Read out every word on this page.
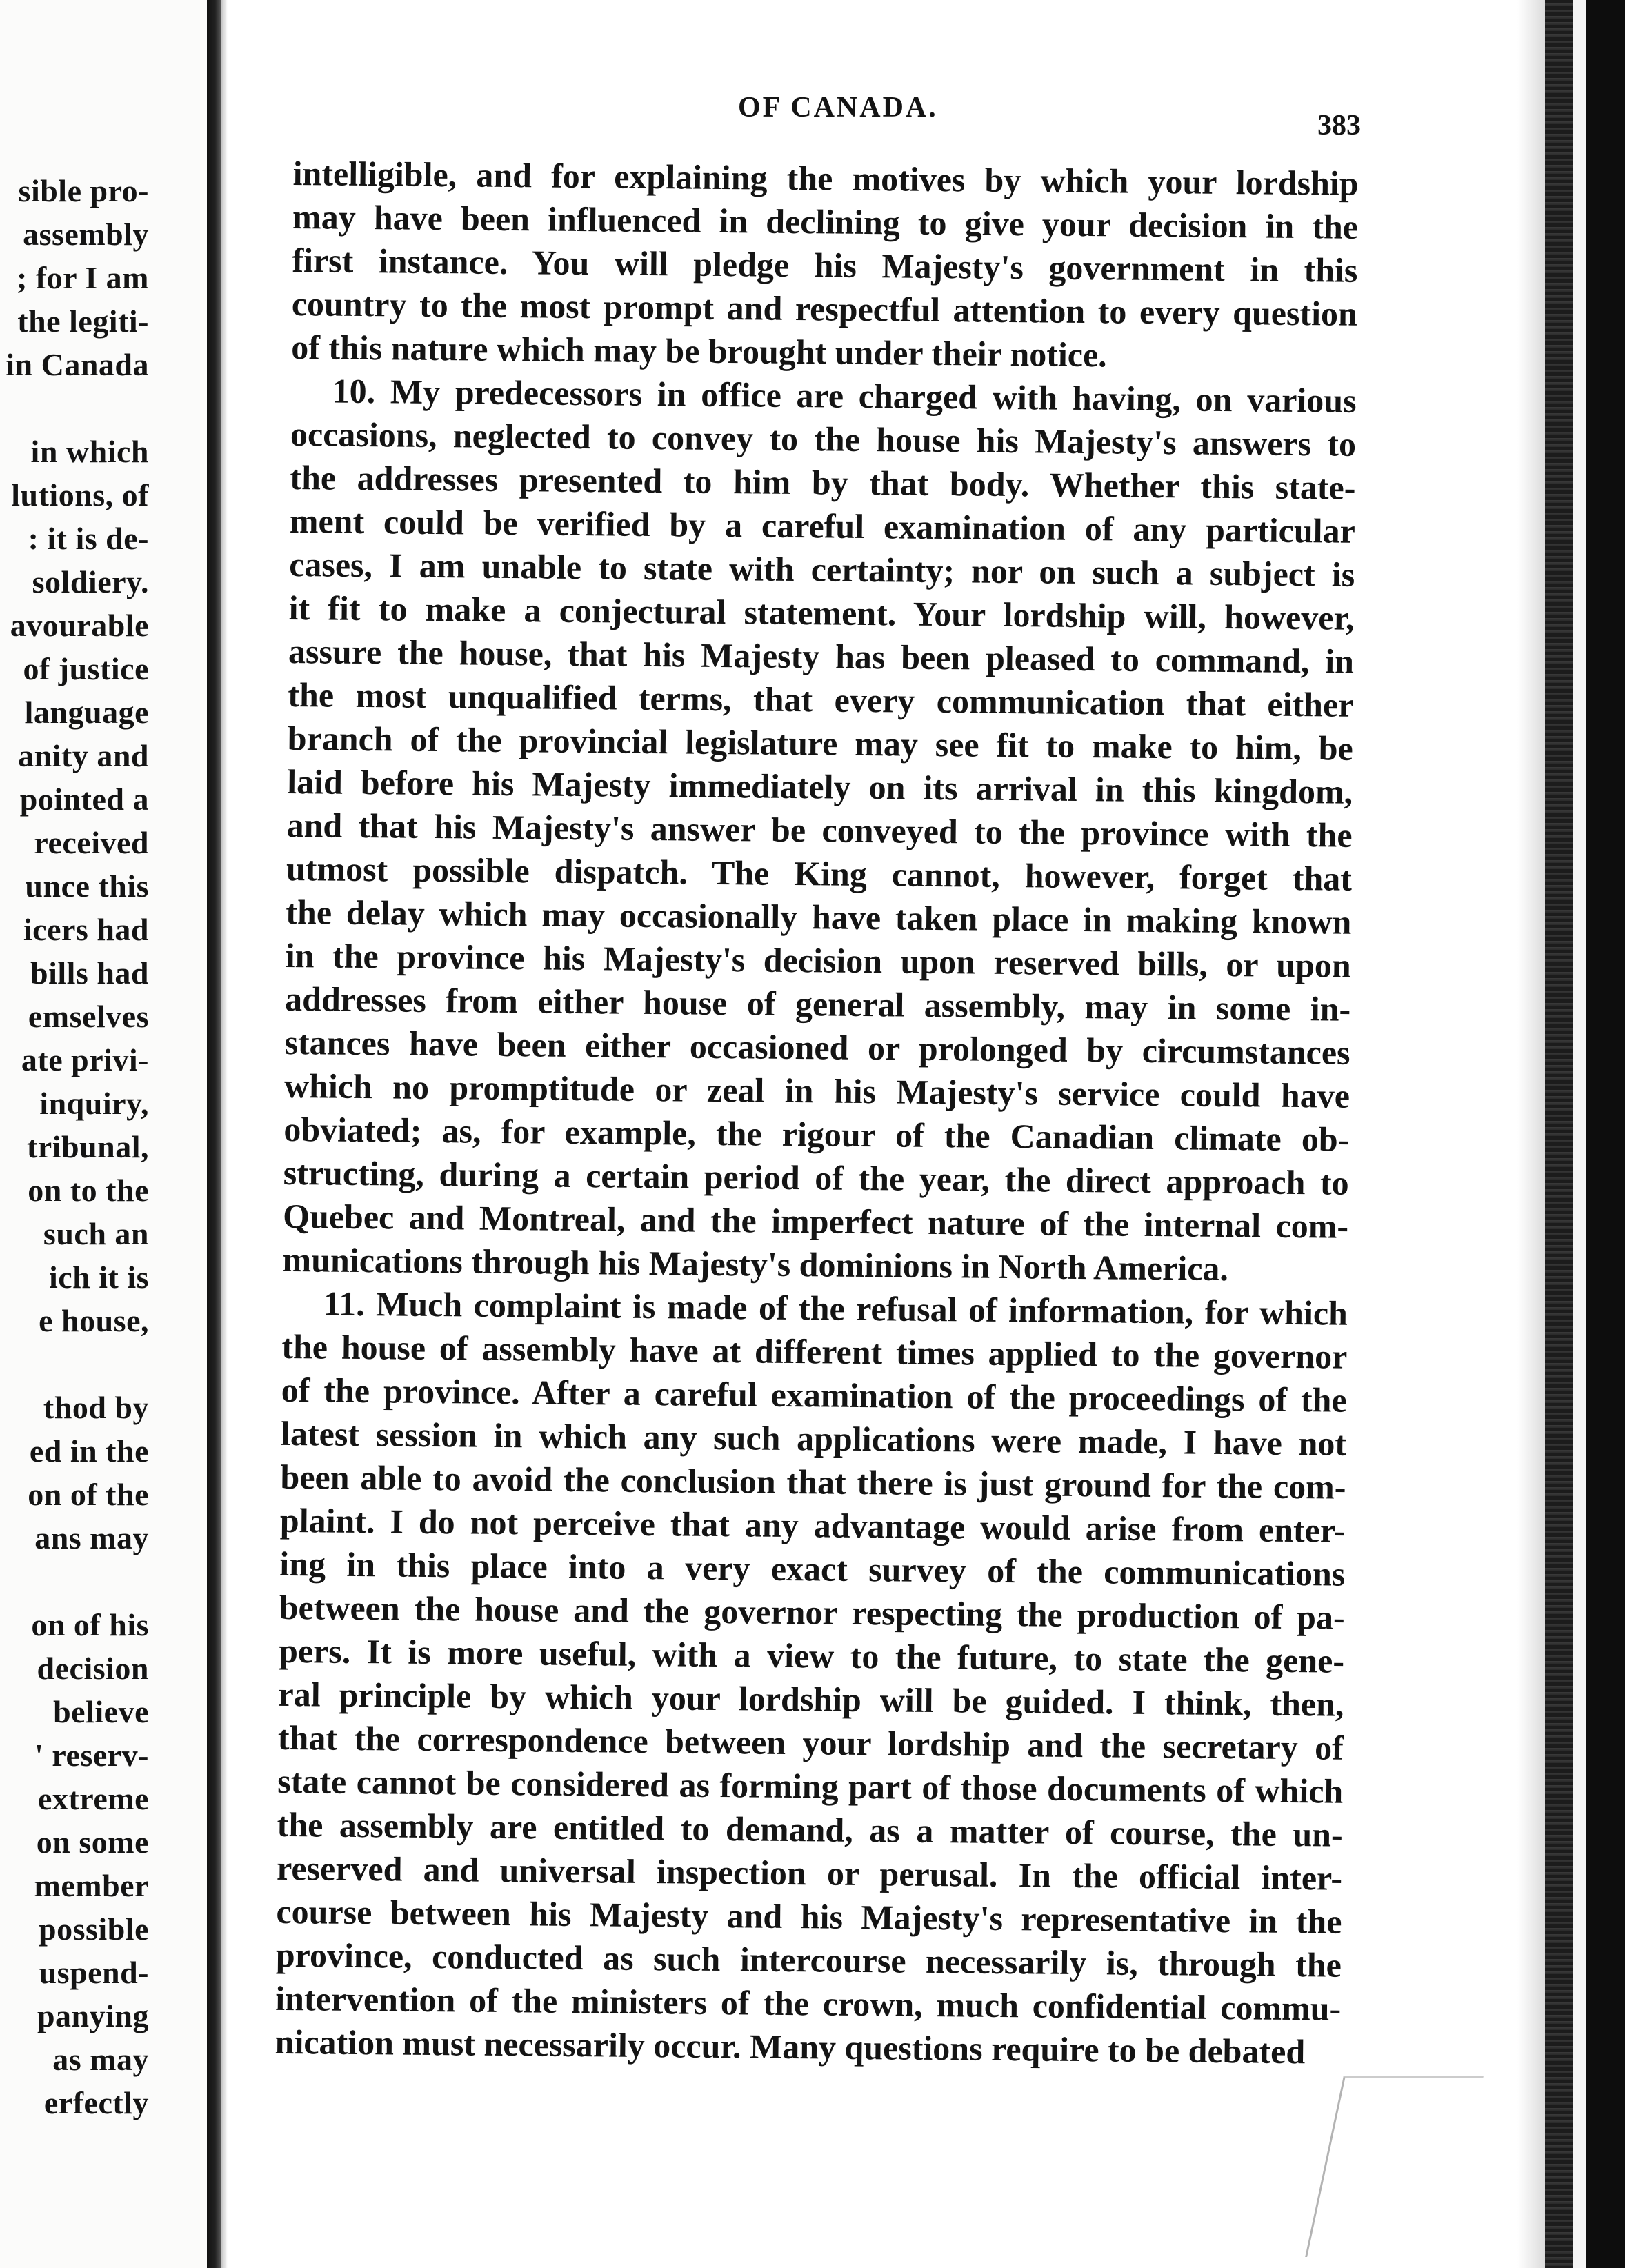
sible pro-
assembly
; for I am
the legiti-
in Canada

in which
lutions, of
: it is de-
soldiery.
avourable
of justice
language
anity and
pointed a
received
unce this
icers had
bills had
emselves
ate privi-
inquiry,
tribunal,
on to the
such an
ich it is
e house,

thod by
ed in the
on of the
ans may

on of his
decision
believe
' reserv-
extreme
on some
member
possible
uspend-
panying
as may
erfectly
OF CANADA.
383
intelligible, and for explaining the motives by which your lordship
may have been influenced in declining to give your decision in the
first instance. You will pledge his Majesty's government in this
country to the most prompt and respectful attention to every question
of this nature which may be brought under their notice.
10. My predecessors in office are charged with having, on various
occasions, neglected to convey to the house his Majesty's answers to
the addresses presented to him by that body. Whether this state-
ment could be verified by a careful examination of any particular
cases, I am unable to state with certainty; nor on such a subject is
it fit to make a conjectural statement. Your lordship will, however,
assure the house, that his Majesty has been pleased to command, in
the most unqualified terms, that every communication that either
branch of the provincial legislature may see fit to make to him, be
laid before his Majesty immediately on its arrival in this kingdom,
and that his Majesty's answer be conveyed to the province with the
utmost possible dispatch. The King cannot, however, forget that
the delay which may occasionally have taken place in making known
in the province his Majesty's decision upon reserved bills, or upon
addresses from either house of general assembly, may in some in-
stances have been either occasioned or prolonged by circumstances
which no promptitude or zeal in his Majesty's service could have
obviated; as, for example, the rigour of the Canadian climate ob-
structing, during a certain period of the year, the direct approach to
Quebec and Montreal, and the imperfect nature of the internal com-
munications through his Majesty's dominions in North America.
11. Much complaint is made of the refusal of information, for which
the house of assembly have at different times applied to the governor
of the province. After a careful examination of the proceedings of the
latest session in which any such applications were made, I have not
been able to avoid the conclusion that there is just ground for the com-
plaint. I do not perceive that any advantage would arise from enter-
ing in this place into a very exact survey of the communications
between the house and the governor respecting the production of pa-
pers. It is more useful, with a view to the future, to state the gene-
ral principle by which your lordship will be guided. I think, then,
that the correspondence between your lordship and the secretary of
state cannot be considered as forming part of those documents of which
the assembly are entitled to demand, as a matter of course, the un-
reserved and universal inspection or perusal. In the official inter-
course between his Majesty and his Majesty's representative in the
province, conducted as such intercourse necessarily is, through the
intervention of the ministers of the crown, much confidential commu-
nication must necessarily occur. Many questions require to be debated
